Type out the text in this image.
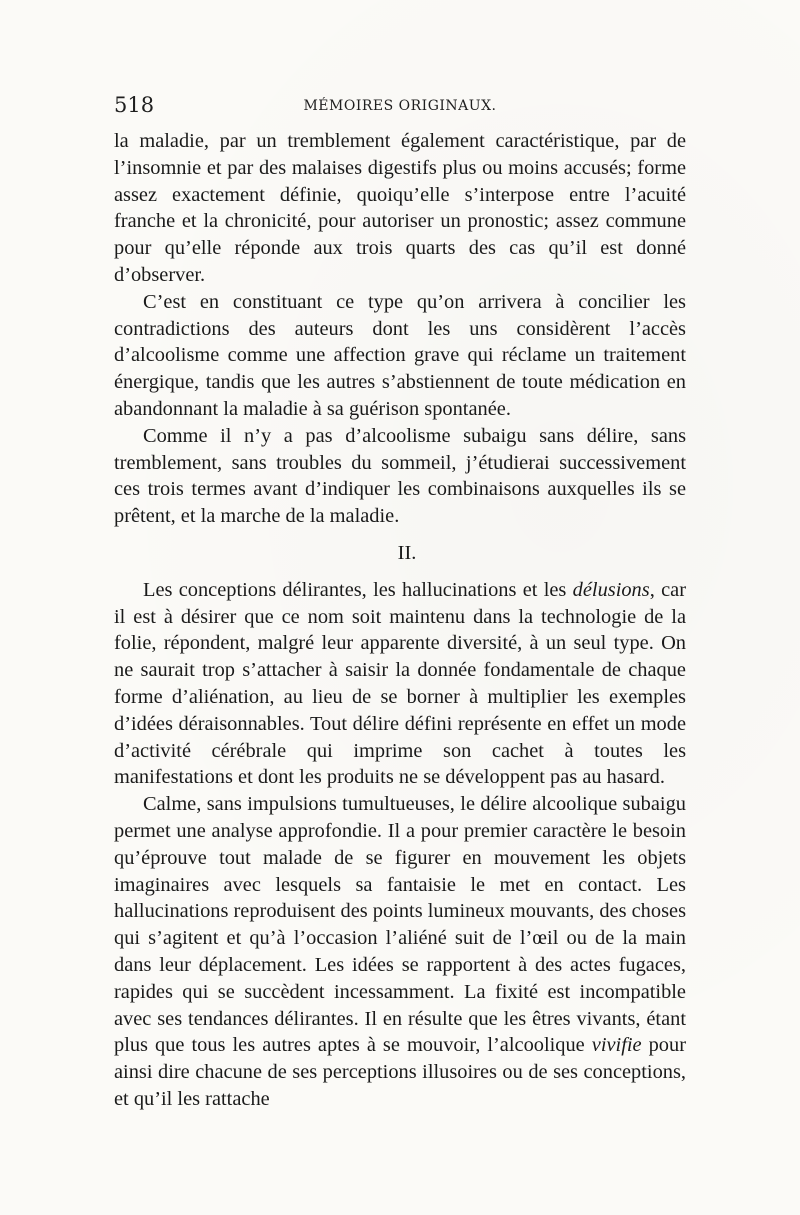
518	MÉMOIRES ORIGINAUX.

la maladie, par un tremblement également caractéristique, par de l’insomnie et par des malaises digestifs plus ou moins accusés; forme assez exactement définie, quoiqu’elle s’interpose entre l’acuité franche et la chronicité, pour autoriser un pronostic; assez commune pour qu’elle réponde aux trois quarts des cas qu’il est donné d’observer.

C’est en constituant ce type qu’on arrivera à concilier les contradictions des auteurs dont les uns considèrent l’accès d’alcoolisme comme une affection grave qui réclame un traitement énergique, tandis que les autres s’abstiennent de toute médication en abandonnant la maladie à sa guérison spontanée.

Comme il n’y a pas d’alcoolisme subaigu sans délire, sans tremblement, sans troubles du sommeil, j’étudierai successivement ces trois termes avant d’indiquer les combinaisons auxquelles ils se prêtent, et la marche de la maladie.

II.

Les conceptions délirantes, les hallucinations et les délusions, car il est à désirer que ce nom soit maintenu dans la technologie de la folie, répondent, malgré leur apparente diversité, à un seul type. On ne saurait trop s’attacher à saisir la donnée fondamentale de chaque forme d’aliénation, au lieu de se borner à multiplier les exemples d’idées déraisonnables. Tout délire défini représente en effet un mode d’activité cérébrale qui imprime son cachet à toutes les manifestations et dont les produits ne se développent pas au hasard.

Calme, sans impulsions tumultueuses, le délire alcoolique subaigu permet une analyse approfondie. Il a pour premier caractère le besoin qu’éprouve tout malade de se figurer en mouvement les objets imaginaires avec lesquels sa fantaisie le met en contact. Les hallucinations reproduisent des points lumineux mouvants, des choses qui s’agitent et qu’à l’occasion l’aliéné suit de l’œil ou de la main dans leur déplacement. Les idées se rapportent à des actes fugaces, rapides qui se succèdent incessamment. La fixité est incompatible avec ses tendances délirantes. Il en résulte que les êtres vivants, étant plus que tous les autres aptes à se mouvoir, l’alcoolique vivifie pour ainsi dire chacune de ses perceptions illusoires ou de ses conceptions, et qu’il les rattache
